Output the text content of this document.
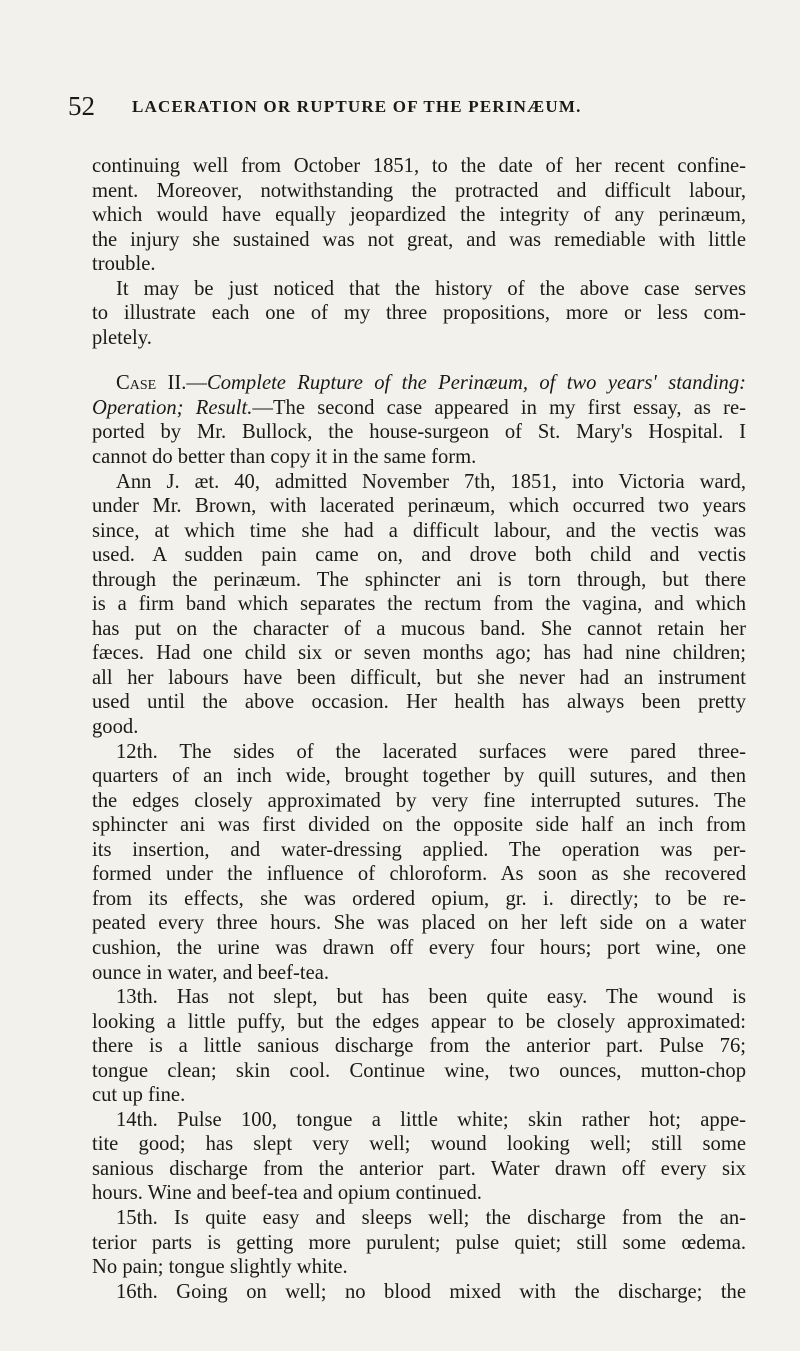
52 LACERATION OR RUPTURE OF THE PERINÆUM.

continuing well from October 1851, to the date of her recent confine-

ment. Moreover, notwithstanding the protracted and difficult labour,

which would have equally jeopardized the integrity of any perinæum,

the injury she sustained was not great, and was remediable with little

trouble.

It may be just noticed that the history of the above case serves

to illustrate each one of my three propositions, more or less com-

pletely.

Case II.—Complete Rupture of the Perinæum, of two years' standing:

Operation; Result.—The second case appeared in my first essay, as re-

ported by Mr. Bullock, the house-surgeon of St. Mary's Hospital. I

cannot do better than copy it in the same form.

Ann J. æt. 40, admitted November 7th, 1851, into Victoria ward,

under Mr. Brown, with lacerated perinæum, which occurred two years

since, at which time she had a difficult labour, and the vectis was

used. A sudden pain came on, and drove both child and vectis

through the perinæum. The sphincter ani is torn through, but there

is a firm band which separates the rectum from the vagina, and which

has put on the character of a mucous band. She cannot retain her

fæces. Had one child six or seven months ago; has had nine children;

all her labours have been difficult, but she never had an instrument

used until the above occasion. Her health has always been pretty

good.

12th. The sides of the lacerated surfaces were pared three-

quarters of an inch wide, brought together by quill sutures, and then

the edges closely approximated by very fine interrupted sutures. The

sphincter ani was first divided on the opposite side half an inch from

its insertion, and water-dressing applied. The operation was per-

formed under the influence of chloroform. As soon as she recovered

from its effects, she was ordered opium, gr. i. directly; to be re-

peated every three hours. She was placed on her left side on a water

cushion, the urine was drawn off every four hours; port wine, one

ounce in water, and beef-tea.

13th. Has not slept, but has been quite easy. The wound is

looking a little puffy, but the edges appear to be closely approximated:

there is a little sanious discharge from the anterior part. Pulse 76;

tongue clean; skin cool. Continue wine, two ounces, mutton-chop

cut up fine.

14th. Pulse 100, tongue a little white; skin rather hot; appe-

tite good; has slept very well; wound looking well; still some

sanious discharge from the anterior part. Water drawn off every six

hours. Wine and beef-tea and opium continued.

15th. Is quite easy and sleeps well; the discharge from the an-

terior parts is getting more purulent; pulse quiet; still some œdema.

No pain; tongue slightly white.

16th. Going on well; no blood mixed with the discharge; the
